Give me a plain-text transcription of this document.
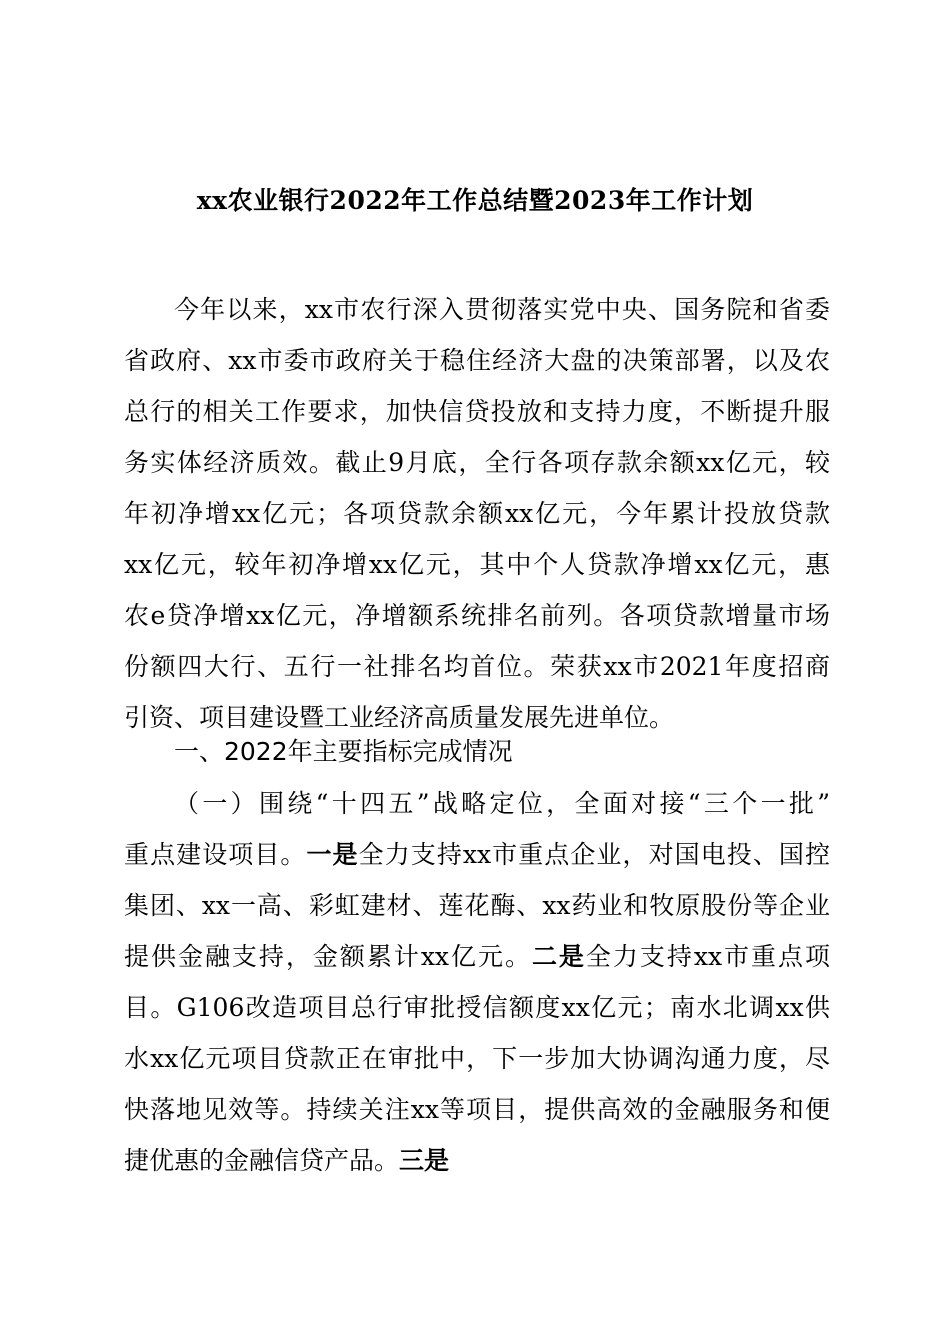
xx农业银行2022年工作总结暨2023年工作计划
今年以来，xx市农行深入贯彻落实党中央、国务院和省委
省政府、xx市委市政府关于稳住经济大盘的决策部署，以及农
总行的相关工作要求，加快信贷投放和支持力度，不断提升服
务实体经济质效。截止9月底，全行各项存款余额xx亿元，较
年初净增xx亿元；各项贷款余额xx亿元，今年累计投放贷款
xx亿元，较年初净增xx亿元，其中个人贷款净增xx亿元，惠
农e贷净增xx亿元，净增额系统排名前列。各项贷款增量市场
份额四大行、五行一社排名均首位。荣获xx市2021年度招商
引资、项目建设暨工业经济高质量发展先进单位。
一、2022年主要指标完成情况
（一）围绕“十四五”战略定位，全面对接“三个一批”
重点建设项目。一是全力支持xx市重点企业，对国电投、国控
集团、xx一高、彩虹建材、莲花酶、xx药业和牧原股份等企业
提供金融支持，金额累计xx亿元。二是全力支持xx市重点项
目。G106改造项目总行审批授信额度xx亿元；南水北调xx供
水xx亿元项目贷款正在审批中，下一步加大协调沟通力度，尽
快落地见效等。持续关注xx等项目，提供高效的金融服务和便
捷优惠的金融信贷产品。三是
